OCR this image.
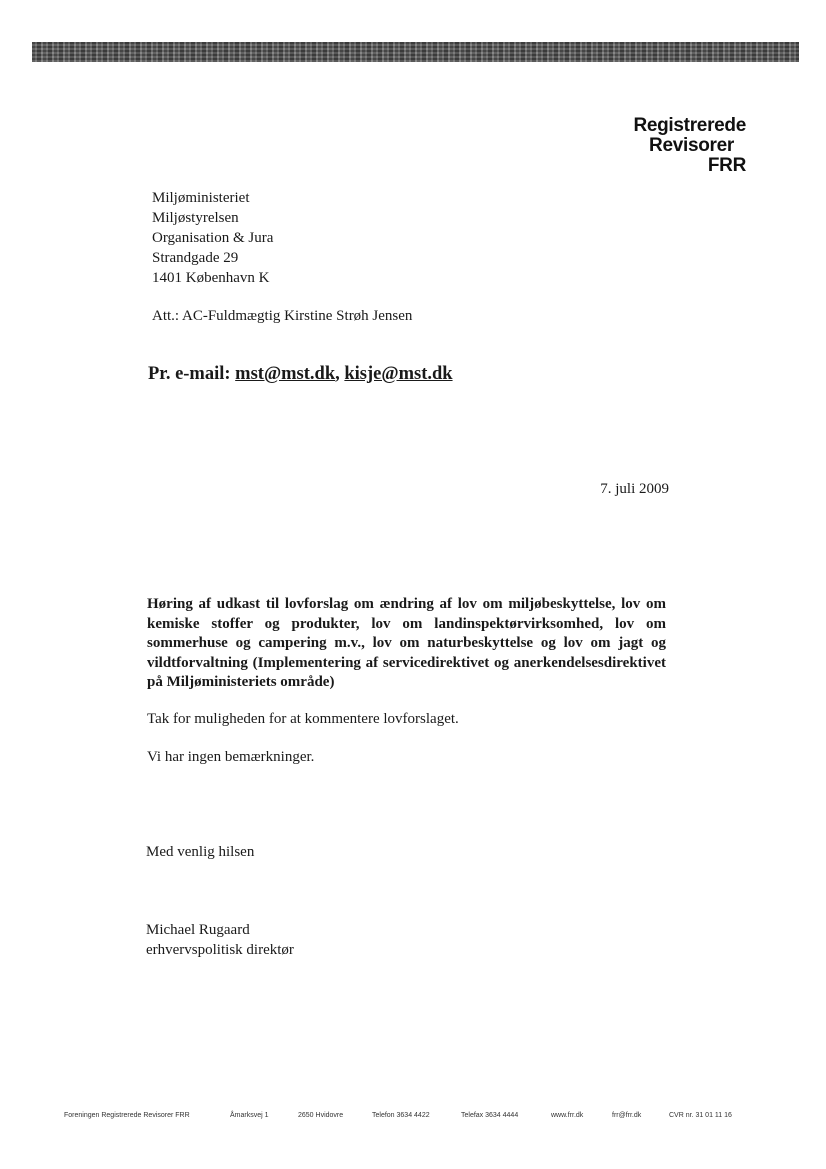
Registrerede
Revisorer
FRR
Miljøministeriet
Miljøstyrelsen
Organisation & Jura
Strandgade 29
1401 København K
Att.: AC-Fuldmægtig Kirstine Strøh Jensen
Pr. e-mail: mst@mst.dk, kisje@mst.dk
7. juli 2009
Høring af udkast til lovforslag om ændring af lov om miljøbeskyttelse, lov om kemiske stoffer og produkter, lov om landinspektørvirksomhed, lov om sommerhuse og campering m.v., lov om naturbeskyttelse og lov om jagt og vildtforvaltning (Implementering af servicedirektivet og anerkendelsesdirektivet på Miljøministeriets område)
Tak for muligheden for at kommentere lovforslaget.
Vi har ingen bemærkninger.
Med venlig hilsen
Michael Rugaard
erhvervspolitisk direktør
Foreningen Registrerede Revisorer FRR	Åmarksvej 1	2650 Hvidovre	Telefon 3634 4422	Telefax 3634 4444	www.frr.dk	frr@frr.dk	CVR nr. 31 01 11 16
